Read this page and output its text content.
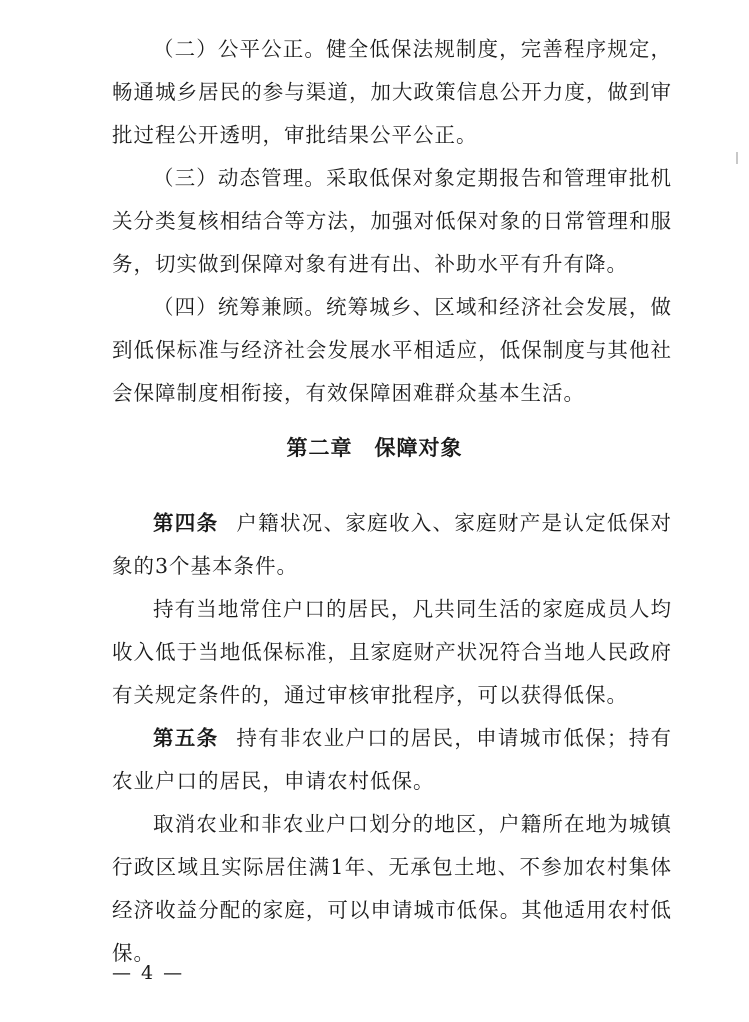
（二）公平公正。健全低保法规制度，完善程序规定，畅通城乡居民的参与渠道，加大政策信息公开力度，做到审批过程公开透明，审批结果公平公正。

（三）动态管理。采取低保对象定期报告和管理审批机关分类复核相结合等方法，加强对低保对象的日常管理和服务，切实做到保障对象有进有出、补助水平有升有降。

（四）统筹兼顾。统筹城乡、区域和经济社会发展，做到低保标准与经济社会发展水平相适应，低保制度与其他社会保障制度相衔接，有效保障困难群众基本生活。

第二章　保障对象

第四条 户籍状况、家庭收入、家庭财产是认定低保对象的3个基本条件。

持有当地常住户口的居民，凡共同生活的家庭成员人均收入低于当地低保标准，且家庭财产状况符合当地人民政府有关规定条件的，通过审核审批程序，可以获得低保。

第五条 持有非农业户口的居民，申请城市低保；持有农业户口的居民，申请农村低保。

取消农业和非农业户口划分的地区，户籍所在地为城镇行政区域且实际居住满1年、无承包土地、不参加农村集体经济收益分配的家庭，可以申请城市低保。其他适用农村低保。

— 4 —
